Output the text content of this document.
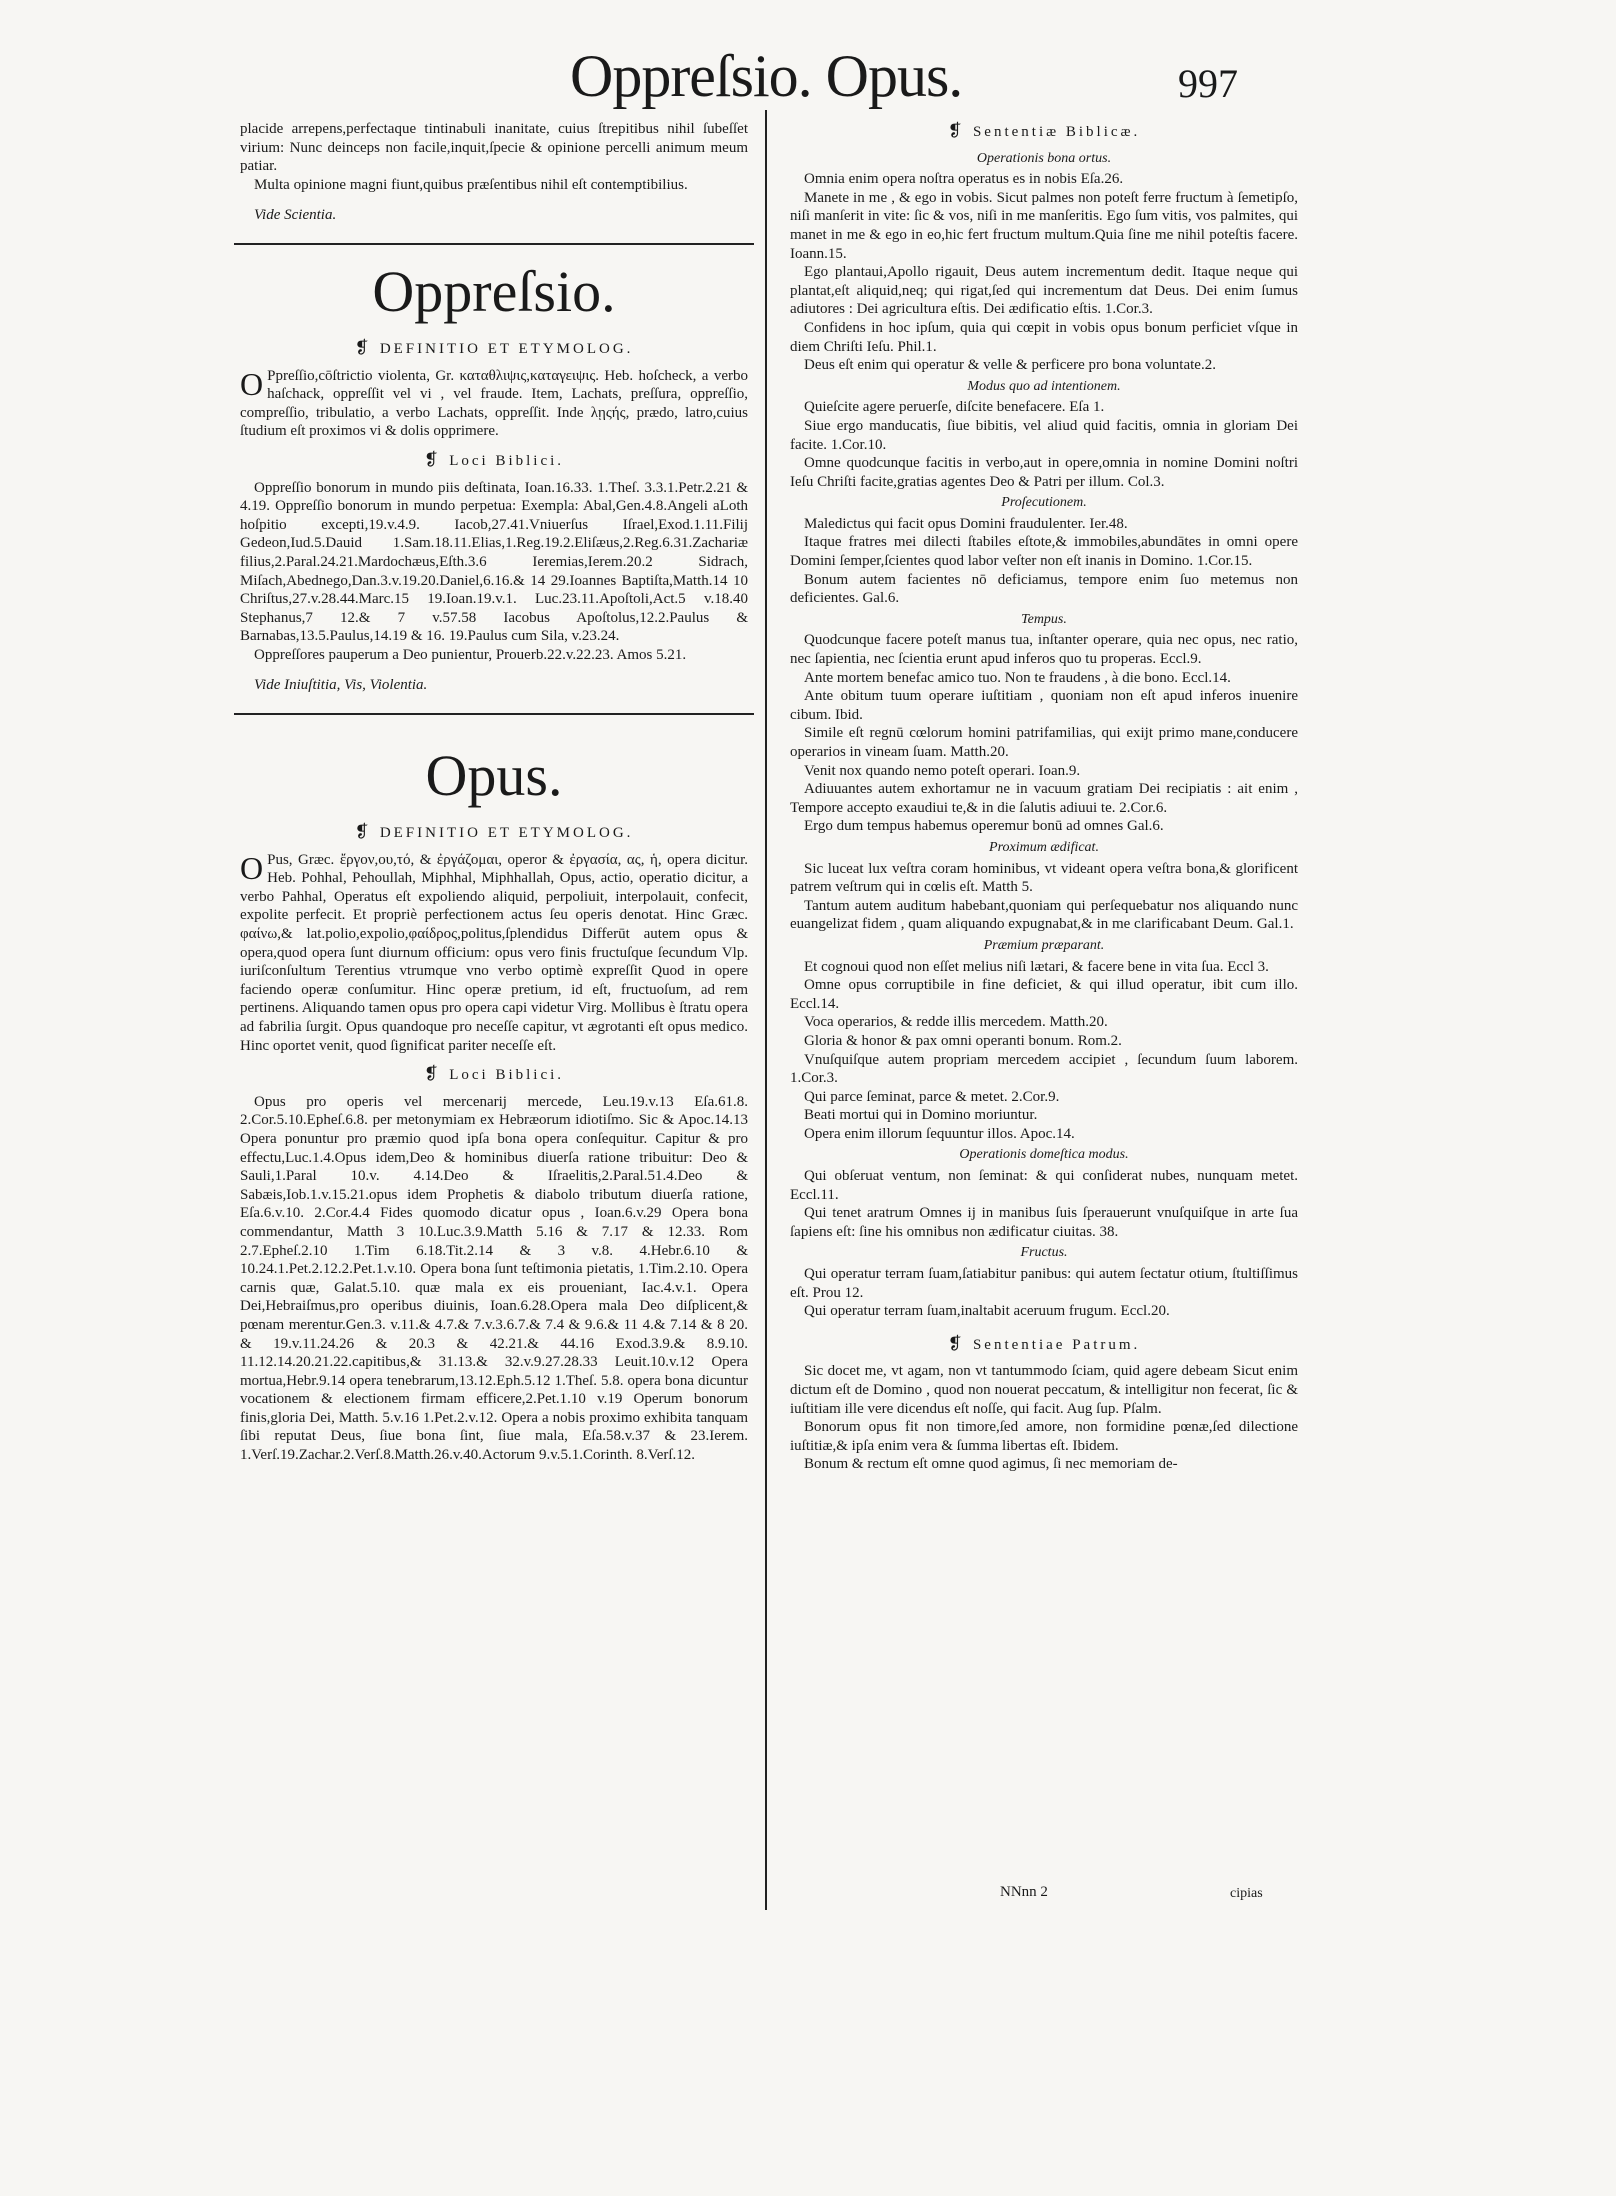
Oppreſsio. Opus.	997

placide arrepens,perfectaque tintinabuli inanitate, cuius ſtrepitibus nihil ſubeſſet virium: Nunc deinceps non facile,inquit,ſpecie & opinione percelli animum meum patiar.

Multa opinione magni fiunt,quibus præſentibus nihil eſt contemptibilius.

Vide Scientia.

Oppreſsio.
❡ DEFINITIO ET ETYMOLOG.

O Ppreſſio,cōſtrictio violenta, Gr. καταθλιψις,καταγειψις. Heb. hoſcheck, a verbo haſchack, oppreſſit vel vi , vel fraude. Item, Lachats, preſſura, oppreſſio, compreſſio, tribulatio, a verbo Lachats, oppreſſit. Inde λῃςής, prædo, latro,cuius ſtudium eſt proximos vi & dolis opprimere.

❡ Loci Biblici.

Oppreſſio bonorum in mundo piis deſtinata, Ioan.16.33. 1.Theſ. 3.3.1.Petr.2.21 & 4.19. Oppreſſio bonorum in mundo perpetua: Exempla: Abal,Gen.4.8.Angeli aLoth hoſpitio excepti,19.v.4.9. Iacob,27.41.Vniuerſus Iſrael,Exod.1.11.Filij Gedeon,Iud.5.Dauid 1.Sam.18.11.Elias,1.Reg.19.2.Eliſæus,2.Reg.6.31.Zachariæ filius,2.Paral.24.21.Mardochæus,Eſth.3.6 Ieremias,Ierem.20.2 Sidrach, Miſach,Abednego,Dan.3.v.19.20.Daniel,6.16.& 14 29.Ioannes Baptiſta,Matth.14 10 Chriſtus,27.v.28.44.Marc.15 19.Ioan.19.v.1. Luc.23.11.Apoſtoli,Act.5 v.18.40 Stephanus,7 12.& 7 v.57.58 Iacobus Apoſtolus,12.2.Paulus & Barnabas,13.5.Paulus,14.19 & 16. 19.Paulus cum Sila, v.23.24.

Oppreſſores pauperum a Deo punientur, Prouerb.22.v.22.23. Amos 5.21.

Vide Iniuſtitia, Vis, Violentia.

Opus.
❡ DEFINITIO ET ETYMOLOG.

O Pus, Græc. ἔργον,ου,τό, & ἐργάζομαι, operor & ἐργασία, ας, ἡ, opera dicitur. Heb. Pohhal, Pehoullah, Miphhal, Miphhallah, Opus, actio, operatio dicitur, a verbo Pahhal, Operatus eſt expoliendo aliquid, perpoliuit, interpolauit, confecit, expolite perfecit. Et propriè perfectionem actus ſeu operis denotat. Hinc Græc. φαίνω,& lat.polio,expolio,φαίδρος,politus,ſplendidus Differūt autem opus & opera,quod opera ſunt diurnum officium: opus vero finis fructuſque ſecundum Vlp. iuriſconſultum Terentius vtrumque vno verbo optimè expreſſit Quod in opere faciendo operæ conſumitur. Hinc operæ pretium, id eſt, fructuoſum, ad rem pertinens. Aliquando tamen opus pro opera capi videtur Virg. Mollibus è ſtratu opera ad fabrilia ſurgit. Opus quandoque pro neceſſe capitur, vt ægrotanti eſt opus medico. Hinc oportet venit, quod ſignificat pariter neceſſe eſt.

❡ Loci Biblici.

Opus pro operis vel mercenarij mercede, Leu.19.v.13 Eſa.61.8. 2.Cor.5.10.Epheſ.6.8. per metonymiam ex Hebræorum idiotiſmo. Sic & Apoc.14.13 Opera ponuntur pro præmio quod ipſa bona opera conſequitur. Capitur & pro effectu,Luc.1.4.Opus idem,Deo & hominibus diuerſa ratione tribuitur: Deo & Sauli,1.Paral 10.v. 4.14.Deo & Iſraelitis,2.Paral.51.4.Deo & Sabæis,Iob.1.v.15.21.opus idem Prophetis & diabolo tributum diuerſa ratione, Eſa.6.v.10. 2.Cor.4.4 Fides quomodo dicatur opus , Ioan.6.v.29 Opera bona commendantur, Matth 3 10.Luc.3.9.Matth 5.16 & 7.17 & 12.33. Rom 2.7.Epheſ.2.10 1.Tim 6.18.Tit.2.14 & 3 v.8. 4.Hebr.6.10 & 10.24.1.Pet.2.12.2.Pet.1.v.10. Opera bona ſunt teſtimonia pietatis, 1.Tim.2.10. Opera carnis quæ, Galat.5.10. quæ mala ex eis proueniant, Iac.4.v.1. Opera Dei,Hebraiſmus,pro operibus diuinis, Ioan.6.28.Opera mala Deo diſplicent,& pœnam merentur.Gen.3. v.11.& 4.7.& 7.v.3.6.7.& 7.4 & 9.6.& 11 4.& 7.14 & 8 20. & 19.v.11.24.26 & 20.3 & 42.21.& 44.16 Exod.3.9.& 8.9.10. 11.12.14.20.21.22.capitibus,& 31.13.& 32.v.9.27.28.33 Leuit.10.v.12 Opera mortua,Hebr.9.14 opera tenebrarum,13.12.Eph.5.12 1.Theſ. 5.8. opera bona dicuntur vocationem & electionem firmam efficere,2.Pet.1.10 v.19 Operum bonorum finis,gloria Dei, Matth. 5.v.16 1.Pet.2.v.12. Opera a nobis proximo exhibita tanquam ſibi reputat Deus, ſiue bona ſint, ſiue mala, Eſa.58.v.37 & 23.Ierem. 1.Verſ.19.Zachar.2.Verſ.8.Matth.26.v.40.Actorum 9.v.5.1.Corinth. 8.Verſ.12.

❡ Sententiæ Biblicæ.
Operationis bona ortus.

Omnia enim opera noſtra operatus es in nobis Eſa.26.

Manete in me , & ego in vobis. Sicut palmes non poteſt ferre fructum à ſemetipſo, niſi manſerit in vite: ſic & vos, niſi in me manſeritis. Ego ſum vitis, vos palmites, qui manet in me & ego in eo,hic fert fructum multum.Quia ſine me nihil poteſtis facere. Ioann.15.

Ego plantaui,Apollo rigauit, Deus autem incrementum dedit. Itaque neque qui plantat,eſt aliquid,neq; qui rigat,ſed qui incrementum dat Deus. Dei enim ſumus adiutores : Dei agricultura eſtis. Dei ædificatio eſtis. 1.Cor.3.

Confidens in hoc ipſum, quia qui cœpit in vobis opus bonum perficiet vſque in diem Chriſti Ieſu. Phil.1.

Deus eſt enim qui operatur & velle & perficere pro bona voluntate.2.

Modus quo ad intentionem.

Quieſcite agere peruerſe, diſcite benefacere. Eſa 1.

Siue ergo manducatis, ſiue bibitis, vel aliud quid facitis, omnia in gloriam Dei facite. 1.Cor.10.

Omne quodcunque facitis in verbo,aut in opere,omnia in nomine Domini noſtri Ieſu Chriſti facite,gratias agentes Deo & Patri per illum. Col.3.

Proſecutionem.

Maledictus qui facit opus Domini fraudulenter. Ier.48.

Itaque fratres mei dilecti ſtabiles eſtote,& immobiles,abundātes in omni opere Domini ſemper,ſcientes quod labor veſter non eſt inanis in Domino. 1.Cor.15.

Bonum autem facientes nō deficiamus, tempore enim ſuo metemus non deficientes. Gal.6.

Tempus.

Quodcunque facere poteſt manus tua, inſtanter operare, quia nec opus, nec ratio, nec ſapientia, nec ſcientia erunt apud inferos quo tu properas. Eccl.9.

Ante mortem benefac amico tuo. Non te fraudens , à die bono. Eccl.14.

Ante obitum tuum operare iuſtitiam , quoniam non eſt apud inferos inuenire cibum. Ibid.

Simile eſt regnū cœlorum homini patrifamilias, qui exijt primo mane,conducere operarios in vineam ſuam. Matth.20.

Venit nox quando nemo poteſt operari. Ioan.9.

Adiuuantes autem exhortamur ne in vacuum gratiam Dei recipiatis : ait enim , Tempore accepto exaudiui te,& in die ſalutis adiuui te. 2.Cor.6.

Ergo dum tempus habemus operemur bonū ad omnes Gal.6.

Proximum ædificat.

Sic luceat lux veſtra coram hominibus, vt videant opera veſtra bona,& glorificent patrem veſtrum qui in cœlis eſt. Matth 5.

Tantum autem auditum habebant,quoniam qui perſequebatur nos aliquando nunc euangelizat fidem , quam aliquando expugnabat,& in me clarificabant Deum. Gal.1.

Præmium præparant.

Et cognoui quod non eſſet melius niſi lætari, & facere bene in vita ſua. Eccl 3.

Omne opus corruptibile in fine deficiet, & qui illud operatur, ibit cum illo. Eccl.14.

Voca operarios, & redde illis mercedem. Matth.20.

Gloria & honor & pax omni operanti bonum. Rom.2.

Vnuſquiſque autem propriam mercedem accipiet , ſecundum ſuum laborem. 1.Cor.3.

Qui parce ſeminat, parce & metet. 2.Cor.9.

Beati mortui qui in Domino moriuntur.

Opera enim illorum ſequuntur illos. Apoc.14.

Operationis domeſtica modus.

Qui obſeruat ventum, non ſeminat: & qui conſiderat nubes, nunquam metet. Eccl.11.

Qui tenet aratrum Omnes ij in manibus ſuis ſperauerunt vnuſquiſque in arte ſua ſapiens eſt: ſine his omnibus non ædificatur ciuitas. 38.

Fructus.

Qui operatur terram ſuam,ſatiabitur panibus: qui autem ſectatur otium, ſtultiſſimus eſt. Prou 12.

Qui operatur terram ſuam,inaltabit aceruum frugum. Eccl.20.

❡ Sententiae Patrum.

Sic docet me, vt agam, non vt tantummodo ſciam, quid agere debeam Sicut enim dictum eſt de Domino , quod non nouerat peccatum, & intelligitur non fecerat, ſic & iuſtitiam ille vere dicendus eſt noſſe, qui facit. Aug ſup. Pſalm.

Bonorum opus fit non timore,ſed amore, non formidine pœnæ,ſed dilectione iuſtitiæ,& ipſa enim vera & ſumma libertas eſt. Ibidem.

Bonum & rectum eſt omne quod agimus, ſi nec memoriam de-

NNnn 2	cipias
